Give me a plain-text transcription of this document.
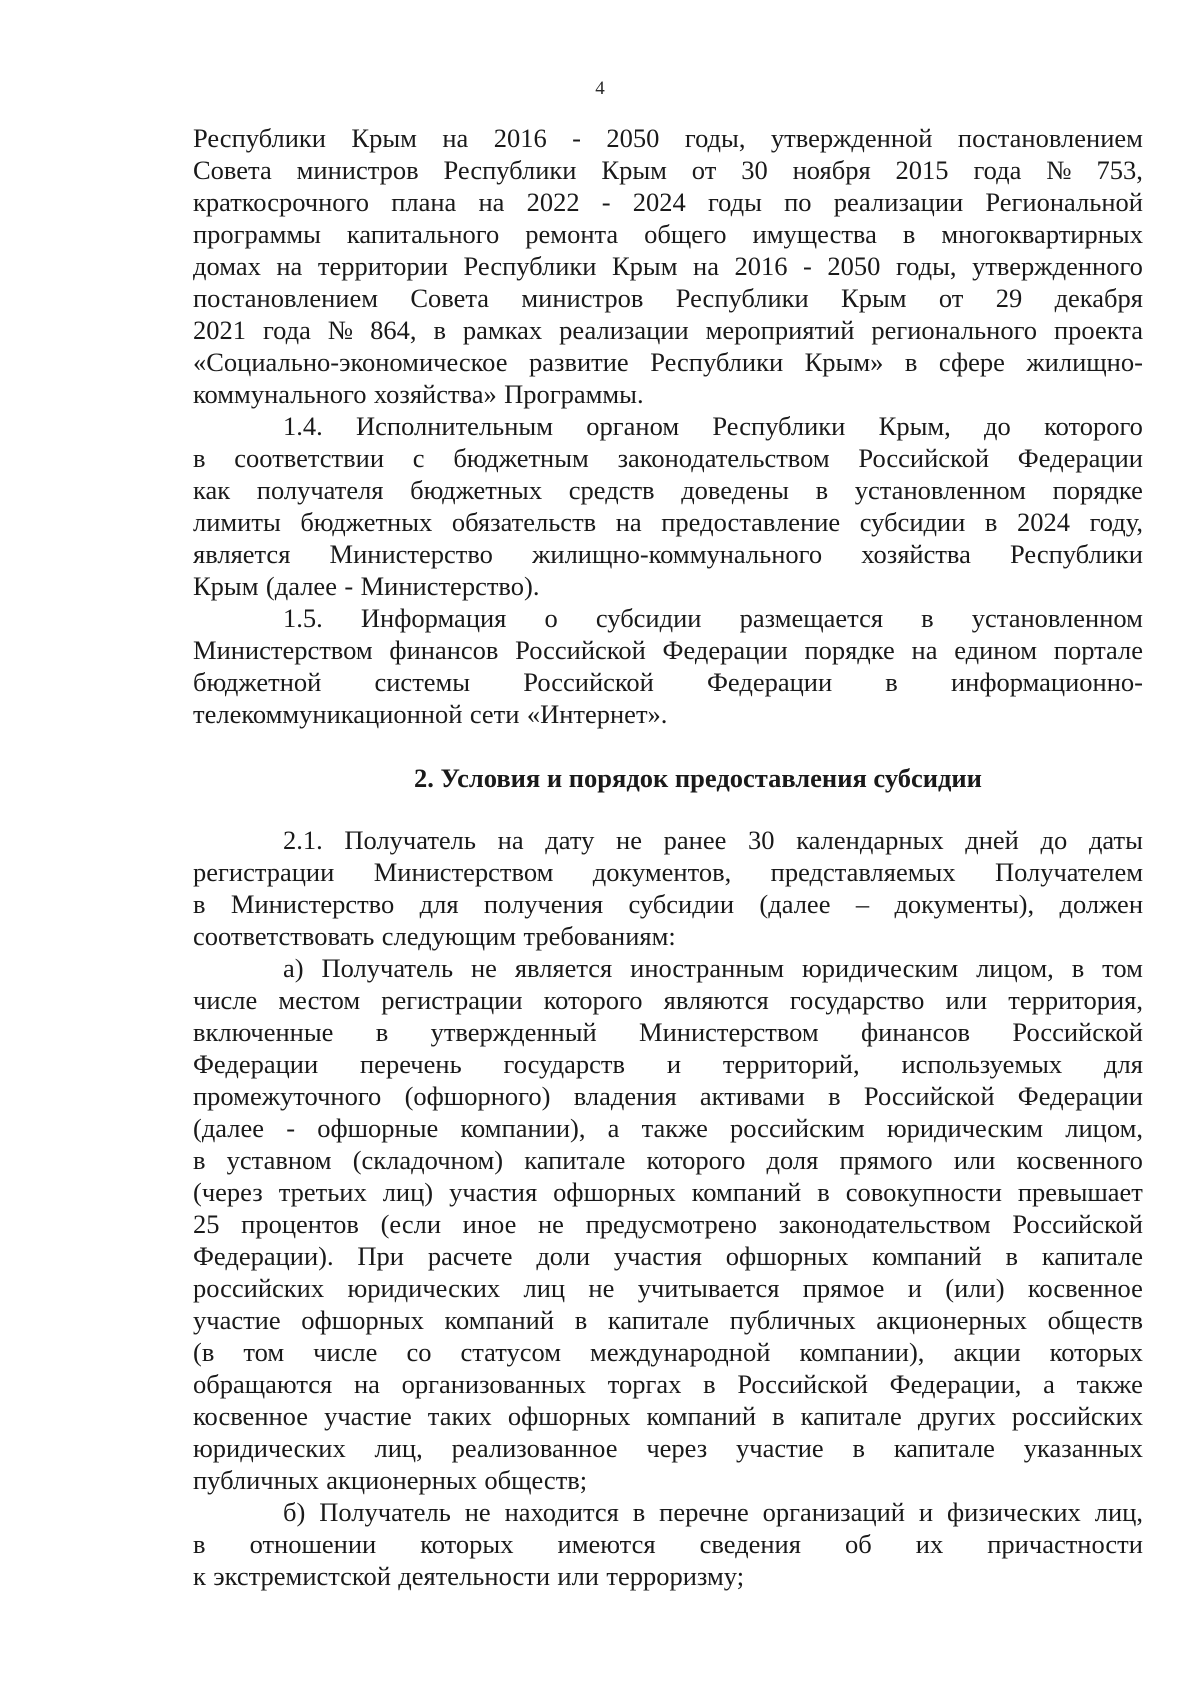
4
Республики Крым на 2016 - 2050 годы, утвержденной постановлением
Совета министров Республики Крым от 30 ноября 2015 года № 753,
краткосрочного плана на 2022 - 2024 годы по реализации Региональной
программы капитального ремонта общего имущества в многоквартирных
домах на территории Республики Крым на 2016 - 2050 годы, утвержденного
постановлением Совета министров Республики Крым от 29 декабря
2021 года № 864, в рамках реализации мероприятий регионального проекта
«Социально-экономическое развитие Республики Крым» в сфере жилищно-
коммунального хозяйства» Программы.
1.4. Исполнительным органом Республики Крым, до которого
в соответствии с бюджетным законодательством Российской Федерации
как получателя бюджетных средств доведены в установленном порядке
лимиты бюджетных обязательств на предоставление субсидии в 2024 году,
является Министерство жилищно-коммунального хозяйства Республики
Крым (далее - Министерство).
1.5. Информация о субсидии размещается в установленном
Министерством финансов Российской Федерации порядке на едином портале
бюджетной системы Российской Федерации в информационно-
телекоммуникационной сети «Интернет».
2. Условия и порядок предоставления субсидии
2.1. Получатель на дату не ранее 30 календарных дней до даты
регистрации Министерством документов, представляемых Получателем
в Министерство для получения субсидии (далее – документы), должен
соответствовать следующим требованиям:
а) Получатель не является иностранным юридическим лицом, в том
числе местом регистрации которого являются государство или территория,
включенные в утвержденный Министерством финансов Российской
Федерации перечень государств и территорий, используемых для
промежуточного (офшорного) владения активами в Российской Федерации
(далее - офшорные компании), а также российским юридическим лицом,
в уставном (складочном) капитале которого доля прямого или косвенного
(через третьих лиц) участия офшорных компаний в совокупности превышает
25 процентов (если иное не предусмотрено законодательством Российской
Федерации). При расчете доли участия офшорных компаний в капитале
российских юридических лиц не учитывается прямое и (или) косвенное
участие офшорных компаний в капитале публичных акционерных обществ
(в том числе со статусом международной компании), акции которых
обращаются на организованных торгах в Российской Федерации, а также
косвенное участие таких офшорных компаний в капитале других российских
юридических лиц, реализованное через участие в капитале указанных
публичных акционерных обществ;
б) Получатель не находится в перечне организаций и физических лиц,
в отношении которых имеются сведения об их причастности
к экстремистской деятельности или терроризму;
